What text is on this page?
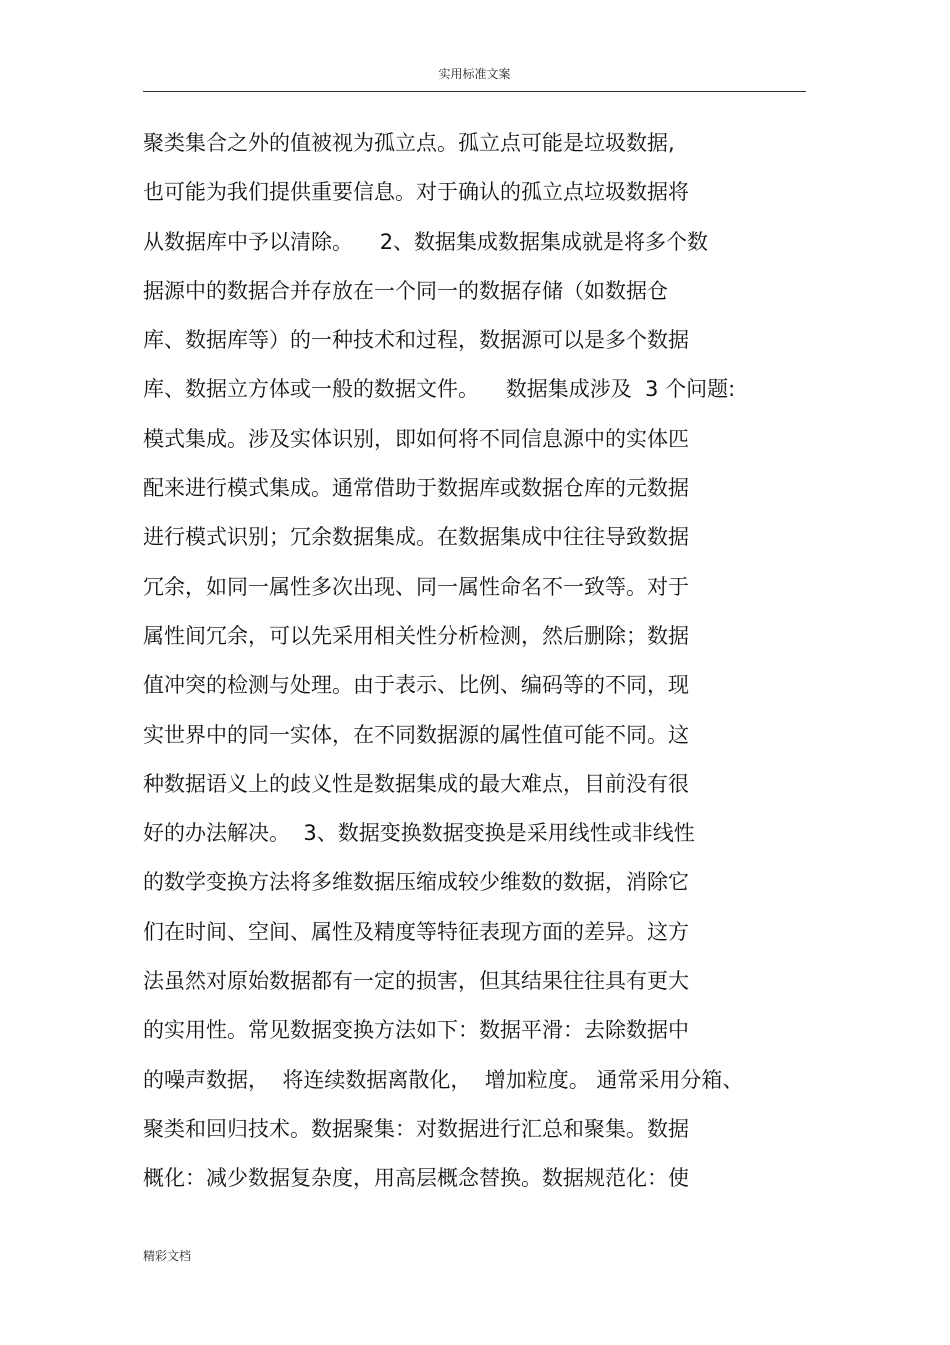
实用标准文案
聚类集合之外的值被视为孤立点。孤立点可能是垃圾数据,
也可能为我们提供重要信息。对于确认的孤立点垃圾数据将
从数据库中予以清除。    2、数据集成数据集成就是将多个数
据源中的数据合并存放在一个同一的数据存储（如数据仓
库、数据库等）的一种技术和过程，数据源可以是多个数据
库、数据立方体或一般的数据文件。    数据集成涉及  3 个问题:
模式集成。涉及实体识别，即如何将不同信息源中的实体匹
配来进行模式集成。通常借助于数据库或数据仓库的元数据
进行模式识别；冗余数据集成。在数据集成中往往导致数据
冗余，如同一属性多次出现、同一属性命名不一致等。对于
属性间冗余，可以先采用相关性分析检测，然后删除；数据
值冲突的检测与处理。由于表示、比例、编码等的不同，现
实世界中的同一实体，在不同数据源的属性值可能不同。这
种数据语义上的歧义性是数据集成的最大难点，目前没有很
好的办法解决。  3、数据变换数据变换是采用线性或非线性
的数学变换方法将多维数据压缩成较少维数的数据，消除它
们在时间、空间、属性及精度等特征表现方面的差异。这方
法虽然对原始数据都有一定的损害，但其结果往往具有更大
的实用性。常见数据变换方法如下：数据平滑：去除数据中
的噪声数据，  将连续数据离散化，  增加粒度。 通常采用分箱、
聚类和回归技术。数据聚集：对数据进行汇总和聚集。数据
概化：减少数据复杂度，用高层概念替换。数据规范化：使
精彩文档
